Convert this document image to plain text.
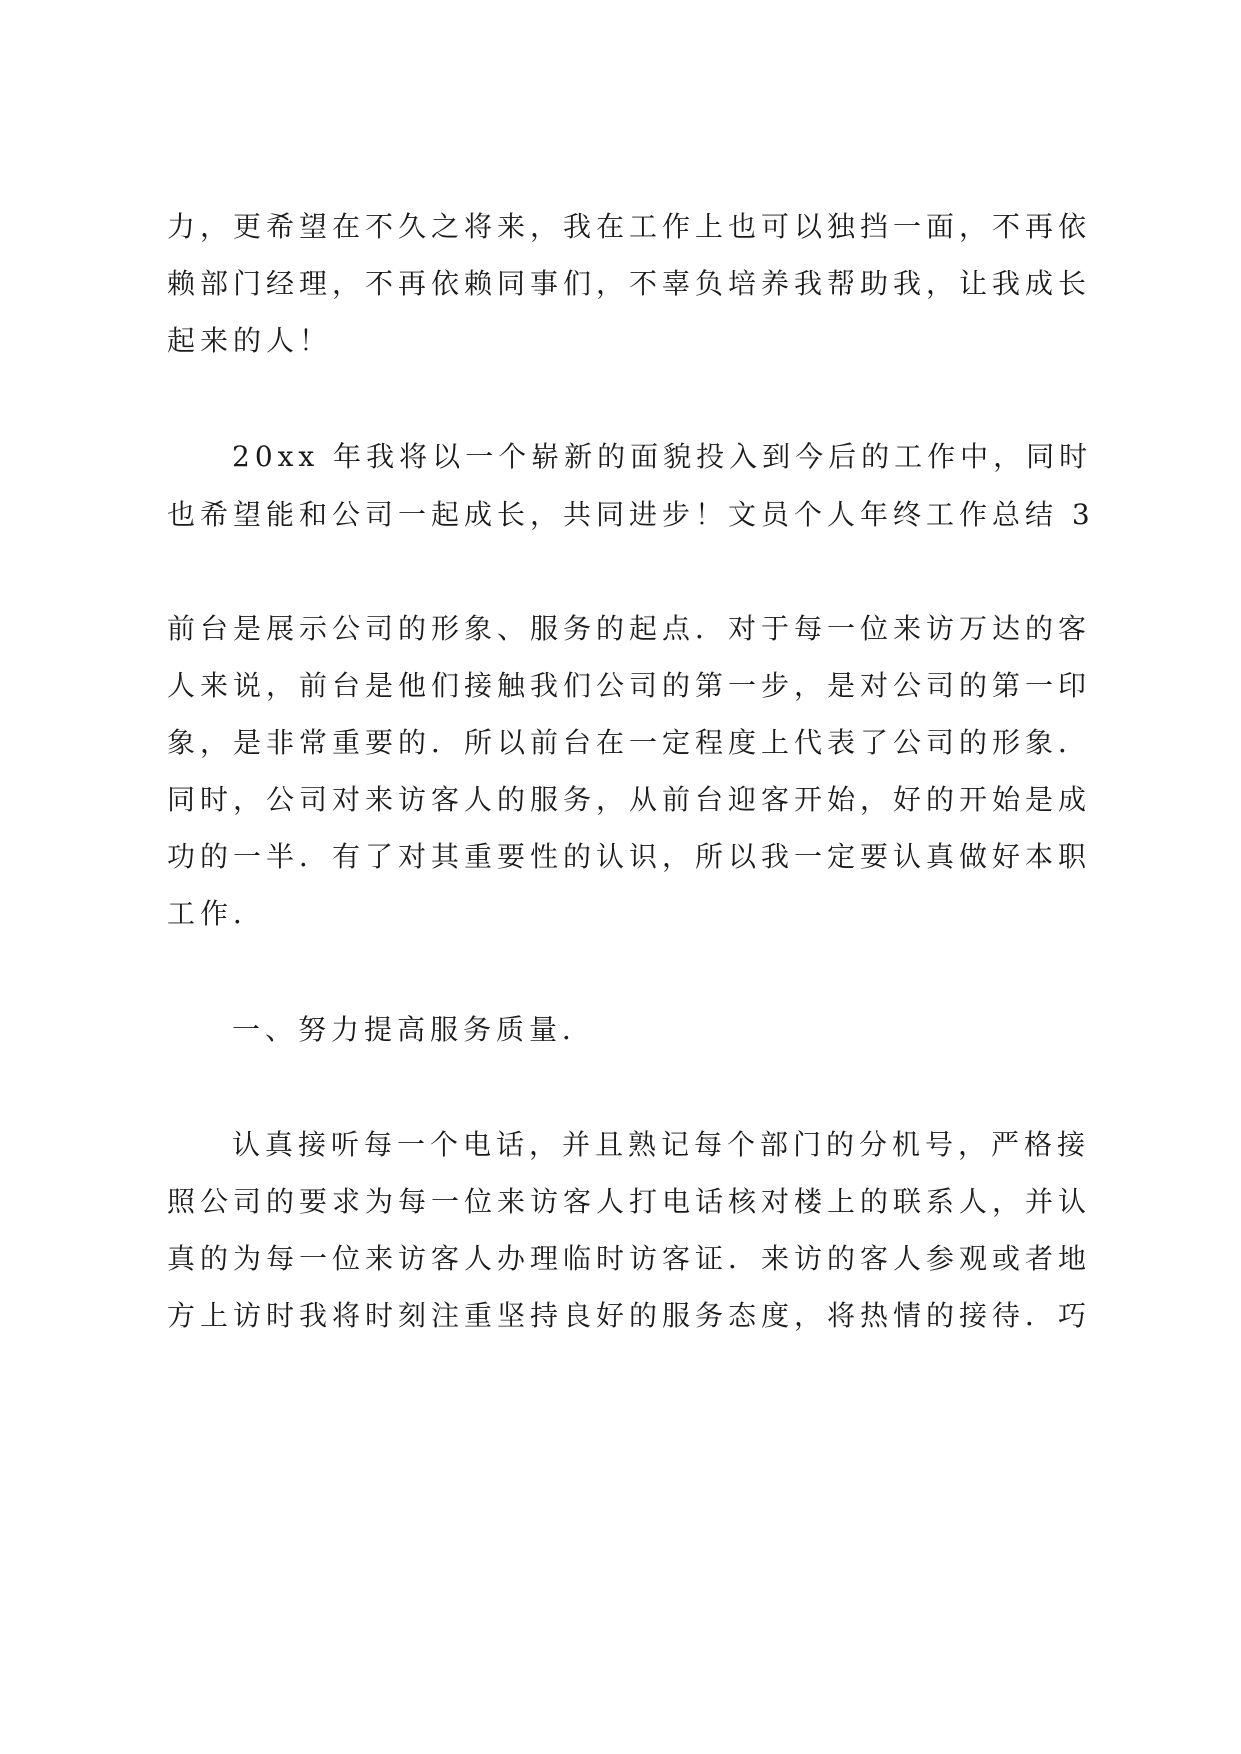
力，更希望在不久之将来，我在工作上也可以独挡一面，不再依
赖部门经理，不再依赖同事们，不辜负培养我帮助我，让我成长
起来的人！
20xx 年我将以一个崭新的面貌投入到今后的工作中，同时
也希望能和公司一起成长，共同进步！文员个人年终工作总结 3
前台是展示公司的形象、服务的起点．对于每一位来访万达的客
人来说，前台是他们接触我们公司的第一步，是对公司的第一印
象，是非常重要的．所以前台在一定程度上代表了公司的形象．
同时，公司对来访客人的服务，从前台迎客开始，好的开始是成
功的一半．有了对其重要性的认识，所以我一定要认真做好本职
工作．
一、努力提高服务质量．
认真接听每一个电话，并且熟记每个部门的分机号，严格接
照公司的要求为每一位来访客人打电话核对楼上的联系人，并认
真的为每一位来访客人办理临时访客证．来访的客人参观或者地
方上访时我将时刻注重坚持良好的服务态度，将热情的接待．巧
